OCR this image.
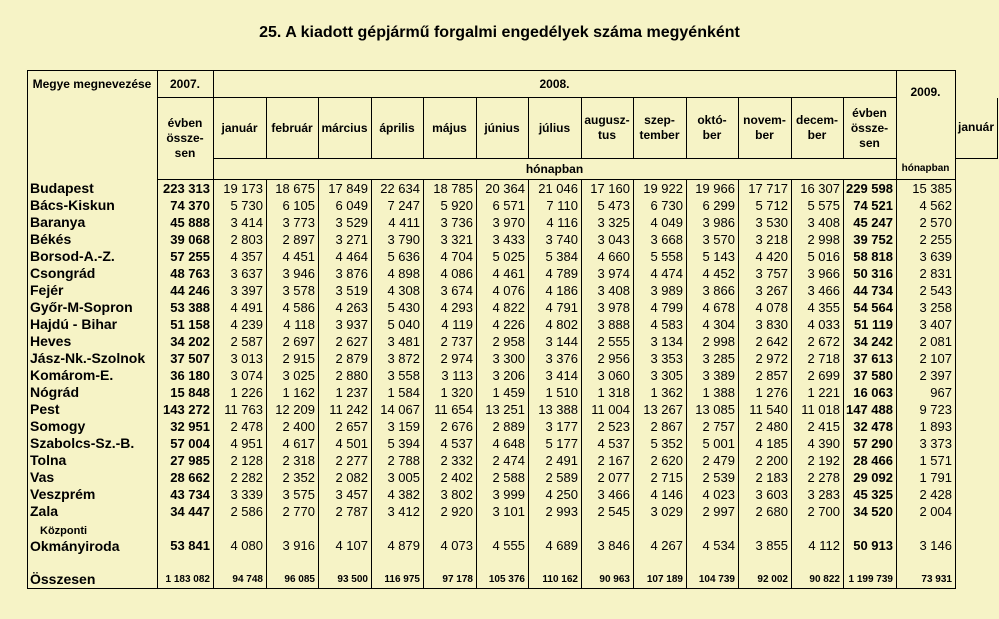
25. A kiadott gépjármű forgalmi engedélyek száma megyénként
Megye megnevezése	2007.	2008.													2009.	
	évben össze- sen	január	február	március	április	május	június	július	augusz- tus	szep- tember	októ- ber	novem- ber	decem- ber	évben össze- sen		január
		hónapban													hónapban	
Budapest	223 313	19 173	18 675	17 849	22 634	18 785	20 364	21 046	17 160	19 922	19 966	17 717	16 307	229 598	15 385	
Bács-Kiskun	74 370	5 730	6 105	6 049	7 247	5 920	6 571	7 110	5 473	6 730	6 299	5 712	5 575	74 521	4 562	
Baranya	45 888	3 414	3 773	3 529	4 411	3 736	3 970	4 116	3 325	4 049	3 986	3 530	3 408	45 247	2 570	
Békés	39 068	2 803	2 897	3 271	3 790	3 321	3 433	3 740	3 043	3 668	3 570	3 218	2 998	39 752	2 255	
Borsod-A.-Z.	57 255	4 357	4 451	4 464	5 636	4 704	5 025	5 384	4 660	5 558	5 143	4 420	5 016	58 818	3 639	
Csongrád	48 763	3 637	3 946	3 876	4 898	4 086	4 461	4 789	3 974	4 474	4 452	3 757	3 966	50 316	2 831	
Fejér	44 246	3 397	3 578	3 519	4 308	3 674	4 076	4 186	3 408	3 989	3 866	3 267	3 466	44 734	2 543	
Győr-M-Sopron	53 388	4 491	4 586	4 263	5 430	4 293	4 822	4 791	3 978	4 799	4 678	4 078	4 355	54 564	3 258	
Hajdú - Bihar	51 158	4 239	4 118	3 937	5 040	4 119	4 226	4 802	3 888	4 583	4 304	3 830	4 033	51 119	3 407	
Heves	34 202	2 587	2 697	2 627	3 481	2 737	2 958	3 144	2 555	3 134	2 998	2 642	2 672	34 242	2 081	
Jász-Nk.-Szolnok	37 507	3 013	2 915	2 879	3 872	2 974	3 300	3 376	2 956	3 353	3 285	2 972	2 718	37 613	2 107	
Komárom-E.	36 180	3 074	3 025	2 880	3 558	3 113	3 206	3 414	3 060	3 305	3 389	2 857	2 699	37 580	2 397	
Nógrád	15 848	1 226	1 162	1 237	1 584	1 320	1 459	1 510	1 318	1 362	1 388	1 276	1 221	16 063	967	
Pest	143 272	11 763	12 209	11 242	14 067	11 654	13 251	13 388	11 004	13 267	13 085	11 540	11 018	147 488	9 723	
Somogy	32 951	2 478	2 400	2 657	3 159	2 676	2 889	3 177	2 523	2 867	2 757	2 480	2 415	32 478	1 893	
Szabolcs-Sz.-B.	57 004	4 951	4 617	4 501	5 394	4 537	4 648	5 177	4 537	5 352	5 001	4 185	4 390	57 290	3 373	
Tolna	27 985	2 128	2 318	2 277	2 788	2 332	2 474	2 491	2 167	2 620	2 479	2 200	2 192	28 466	1 571	
Vas	28 662	2 282	2 352	2 082	3 005	2 402	2 588	2 589	2 077	2 715	2 539	2 183	2 278	29 092	1 791	
Veszprém	43 734	3 339	3 575	3 457	4 382	3 802	3 999	4 250	3 466	4 146	4 023	3 603	3 283	45 325	2 428	
Zala	34 447	2 586	2 770	2 787	3 412	2 920	3 101	2 993	2 545	3 029	2 997	2 680	2 700	34 520	2 004	

Központi
Okmányiroda	53 841	4 080	3 916	4 107	4 879	4 073	4 555	4 689	3 846	4 267	4 534	3 855	4 112	50 913	3 146	
Összesen	1 183 082	94 748	96 085	93 500	116 975	97 178	105 376	110 162	90 963	107 189	104 739	92 002	90 822	1 199 739	73 931	
